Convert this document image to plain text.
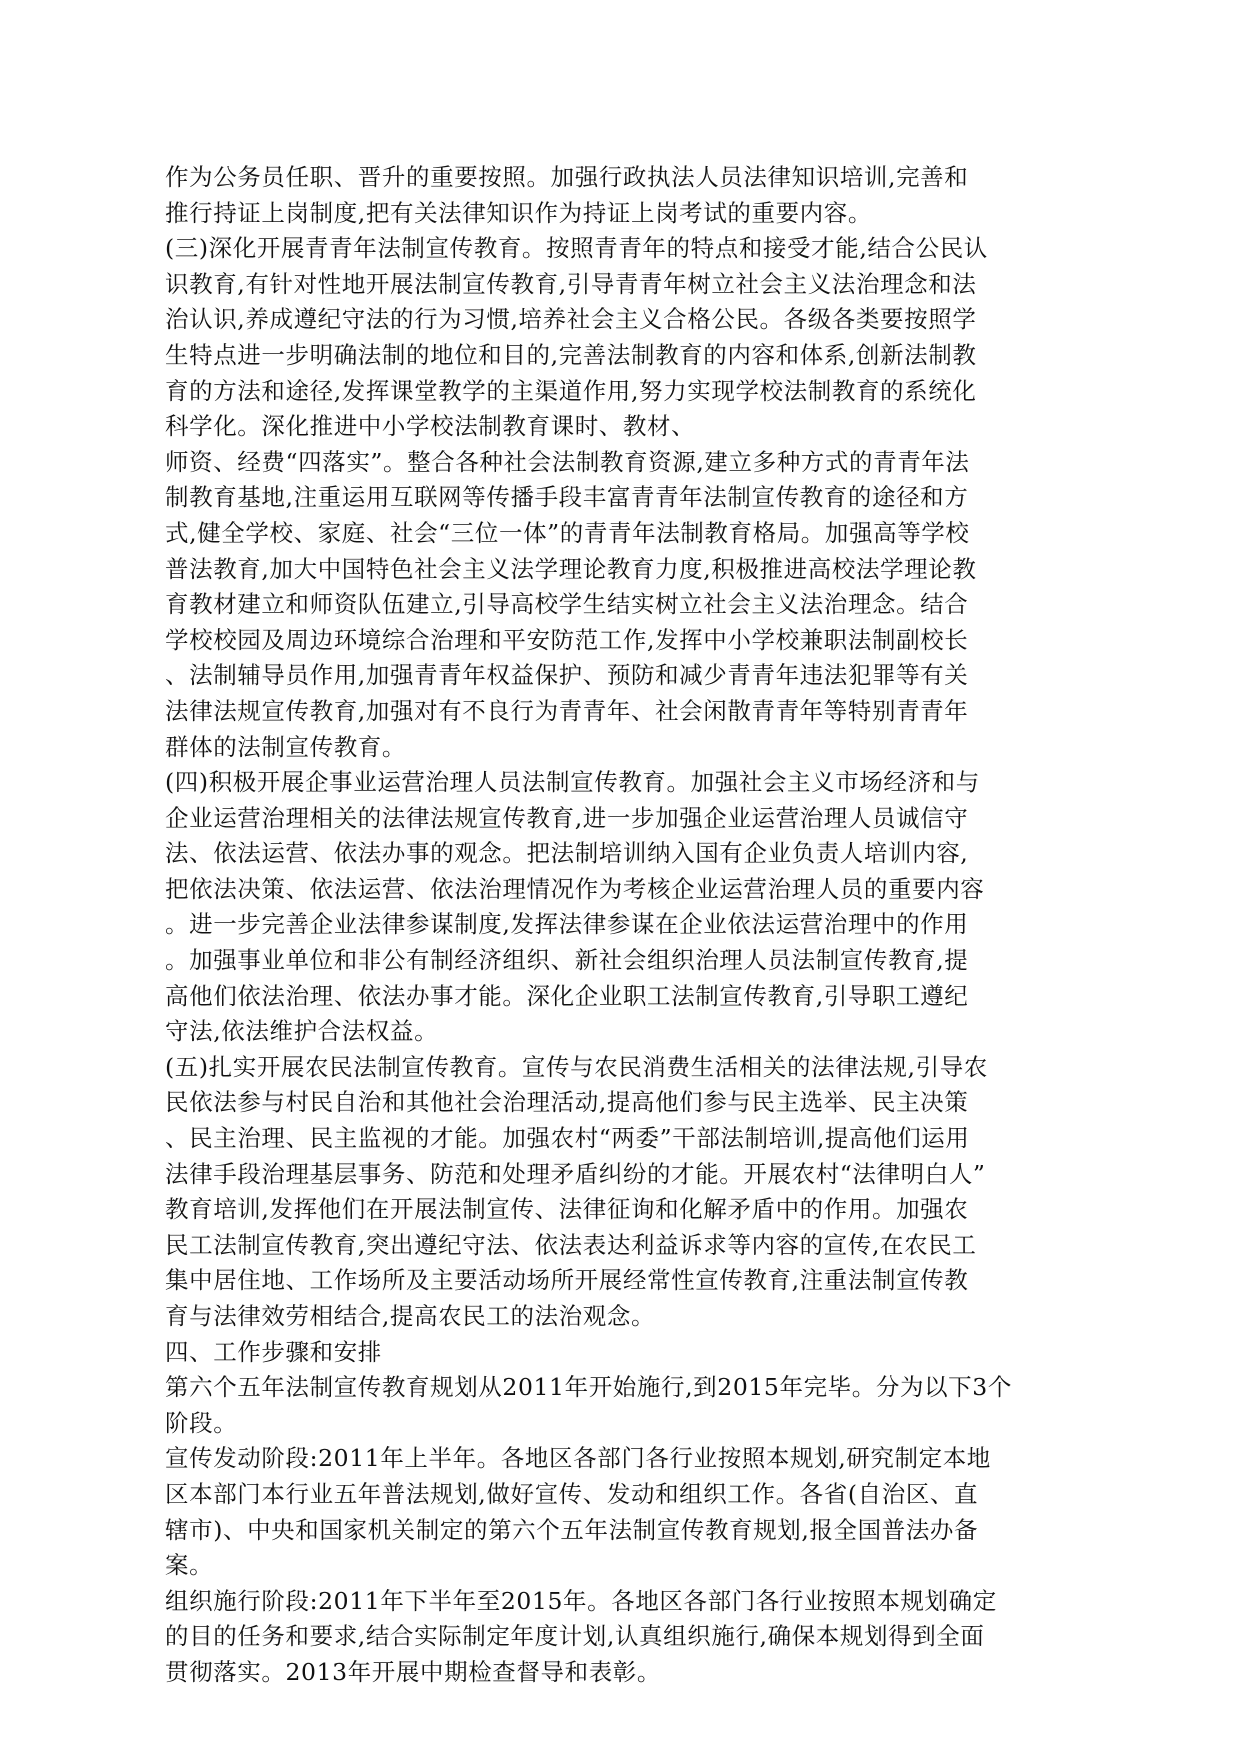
作为公务员任职、晋升的重要按照。加强行政执法人员法律知识培训,完善和
推行持证上岗制度,把有关法律知识作为持证上岗考试的重要内容。
(三)深化开展青青年法制宣传教育。按照青青年的特点和接受才能,结合公民认
识教育,有针对性地开展法制宣传教育,引导青青年树立社会主义法治理念和法
治认识,养成遵纪守法的行为习惯,培养社会主义合格公民。各级各类要按照学
生特点进一步明确法制的地位和目的,完善法制教育的内容和体系,创新法制教
育的方法和途径,发挥课堂教学的主渠道作用,努力实现学校法制教育的系统化
科学化。深化推进中小学校法制教育课时、教材、
师资、经费“四落实”。整合各种社会法制教育资源,建立多种方式的青青年法
制教育基地,注重运用互联网等传播手段丰富青青年法制宣传教育的途径和方
式,健全学校、家庭、社会“三位一体”的青青年法制教育格局。加强高等学校
普法教育,加大中国特色社会主义法学理论教育力度,积极推进高校法学理论教
育教材建立和师资队伍建立,引导高校学生结实树立社会主义法治理念。结合
学校校园及周边环境综合治理和平安防范工作,发挥中小学校兼职法制副校长
、法制辅导员作用,加强青青年权益保护、预防和减少青青年违法犯罪等有关
法律法规宣传教育,加强对有不良行为青青年、社会闲散青青年等特别青青年
群体的法制宣传教育。
(四)积极开展企事业运营治理人员法制宣传教育。加强社会主义市场经济和与
企业运营治理相关的法律法规宣传教育,进一步加强企业运营治理人员诚信守
法、依法运营、依法办事的观念。把法制培训纳入国有企业负责人培训内容,
把依法决策、依法运营、依法治理情况作为考核企业运营治理人员的重要内容
。进一步完善企业法律参谋制度,发挥法律参谋在企业依法运营治理中的作用
。加强事业单位和非公有制经济组织、新社会组织治理人员法制宣传教育,提
高他们依法治理、依法办事才能。深化企业职工法制宣传教育,引导职工遵纪
守法,依法维护合法权益。
(五)扎实开展农民法制宣传教育。宣传与农民消费生活相关的法律法规,引导农
民依法参与村民自治和其他社会治理活动,提高他们参与民主选举、民主决策
、民主治理、民主监视的才能。加强农村“两委”干部法制培训,提高他们运用
法律手段治理基层事务、防范和处理矛盾纠纷的才能。开展农村“法律明白人”
教育培训,发挥他们在开展法制宣传、法律征询和化解矛盾中的作用。加强农
民工法制宣传教育,突出遵纪守法、依法表达利益诉求等内容的宣传,在农民工
集中居住地、工作场所及主要活动场所开展经常性宣传教育,注重法制宣传教
育与法律效劳相结合,提高农民工的法治观念。
四、工作步骤和安排
第六个五年法制宣传教育规划从2011年开始施行,到2015年完毕。分为以下3个
阶段。
宣传发动阶段:2011年上半年。各地区各部门各行业按照本规划,研究制定本地
区本部门本行业五年普法规划,做好宣传、发动和组织工作。各省(自治区、直
辖市)、中央和国家机关制定的第六个五年法制宣传教育规划,报全国普法办备
案。
组织施行阶段:2011年下半年至2015年。各地区各部门各行业按照本规划确定
的目的任务和要求,结合实际制定年度计划,认真组织施行,确保本规划得到全面
贯彻落实。2013年开展中期检查督导和表彰。
